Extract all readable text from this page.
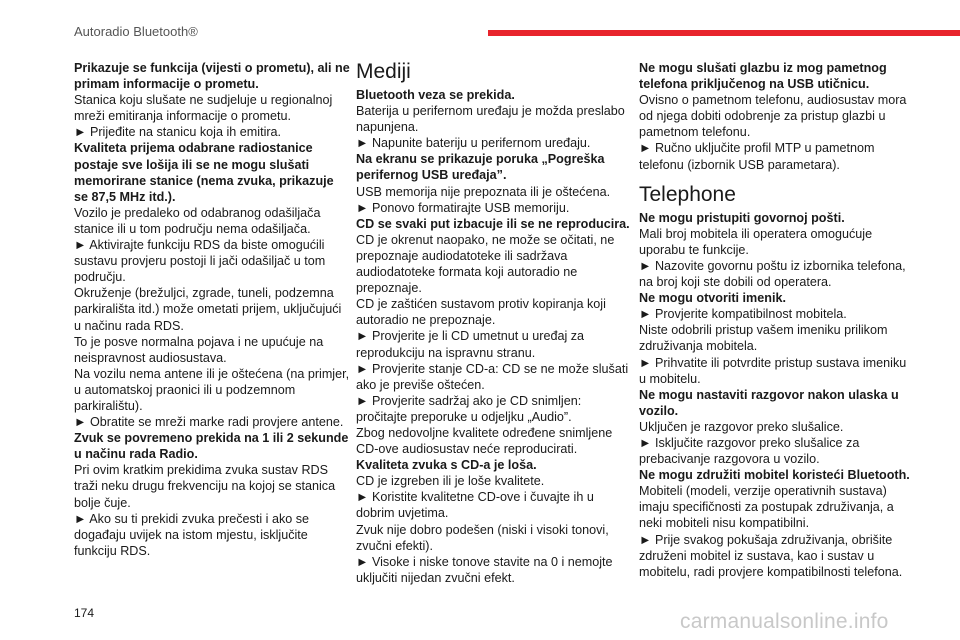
Autoradio Bluetooth®

Prikazuje se funkcija (vijesti o prometu), ali ne primam informacije o prometu.

Stanica koju slušate ne sudjeluje u regionalnoj mreži emitiranja informacije o prometu.

► Prijeđite na stanicu koja ih emitira.

Kvaliteta prijema odabrane radiostanice postaje sve lošija ili se ne mogu slušati memorirane stanice (nema zvuka, prikazuje se 87,5 MHz itd.).

Vozilo je predaleko od odabranog odašiljača stanice ili u tom području nema odašiljača.

► Aktivirajte funkciju RDS da biste omogućili sustavu provjeru postoji li jači odašiljač u tom području.

Okruženje (brežuljci, zgrade, tuneli, podzemna parkirališta itd.) može ometati prijem, uključujući u načinu rada RDS.

To je posve normalna pojava i ne upućuje na neispravnost audiosustava.

Na vozilu nema antene ili je oštećena (na primjer, u automatskoj praonici ili u podzemnom parkiralištu).

► Obratite se mreži marke radi provjere antene.

Zvuk se povremeno prekida na 1 ili 2 sekunde u načinu rada Radio.

Pri ovim kratkim prekidima zvuka sustav RDS traži neku drugu frekvenciju na kojoj se stanica bolje čuje.

► Ako su ti prekidi zvuka prečesti i ako se događaju uvijek na istom mjestu, isključite funkciju RDS.

Mediji

Bluetooth veza se prekida.

Baterija u perifernom uređaju je možda preslabo napunjena.

► Napunite bateriju u perifernom uređaju.

Na ekranu se prikazuje poruka „Pogreška perifernog USB uređaja”.

USB memorija nije prepoznata ili je oštećena.

► Ponovo formatirajte USB memoriju.

CD se svaki put izbacuje ili se ne reproducira.

CD je okrenut naopako, ne može se očitati, ne prepoznaje audiodatoteke ili sadržava audiodatoteke formata koji autoradio ne prepoznaje.

CD je zaštićen sustavom protiv kopiranja koji autoradio ne prepoznaje.

► Provjerite je li CD umetnut u uređaj za reprodukciju na ispravnu stranu.

► Provjerite stanje CD-a: CD se ne može slušati ako je previše oštećen.

► Provjerite sadržaj ako je CD snimljen: pročitajte preporuke u odjeljku „Audio”.

Zbog nedovoljne kvalitete određene snimljene CD-ove audiosustav neće reproducirati.

Kvaliteta zvuka s CD-a je loša.

CD je izgreben ili je loše kvalitete.

► Koristite kvalitetne CD-ove i čuvajte ih u dobrim uvjetima.

Zvuk nije dobro podešen (niski i visoki tonovi, zvučni efekti).

► Visoke i niske tonove stavite na 0 i nemojte uključiti nijedan zvučni efekt.

Ne mogu slušati glazbu iz mog pametnog telefona priključenog na USB utičnicu.

Ovisno o pametnom telefonu, audiosustav mora od njega dobiti odobrenje za pristup glazbi u pametnom telefonu.

► Ručno uključite profil MTP u pametnom telefonu (izbornik USB parametara).

Telephone

Ne mogu pristupiti govornoj pošti.

Mali broj mobitela ili operatera omogućuje uporabu te funkcije.

► Nazovite govornu poštu iz izbornika telefona, na broj koji ste dobili od operatera.

Ne mogu otvoriti imenik.

► Provjerite kompatibilnost mobitela.

Niste odobrili pristup vašem imeniku prilikom združivanja mobitela.

► Prihvatite ili potvrdite pristup sustava imeniku u mobitelu.

Ne mogu nastaviti razgovor nakon ulaska u vozilo.

Uključen je razgovor preko slušalice.

► Isključite razgovor preko slušalice za prebacivanje razgovora u vozilo.

Ne mogu združiti mobitel koristeći Bluetooth.

Mobiteli (modeli, verzije operativnih sustava) imaju specifičnosti za postupak združivanja, a neki mobiteli nisu kompatibilni.

► Prije svakog pokušaja združivanja, obrišite združeni mobitel iz sustava, kao i sustav u mobitelu, radi provjere kompatibilnosti telefona.

174	carmanualsonline.info
